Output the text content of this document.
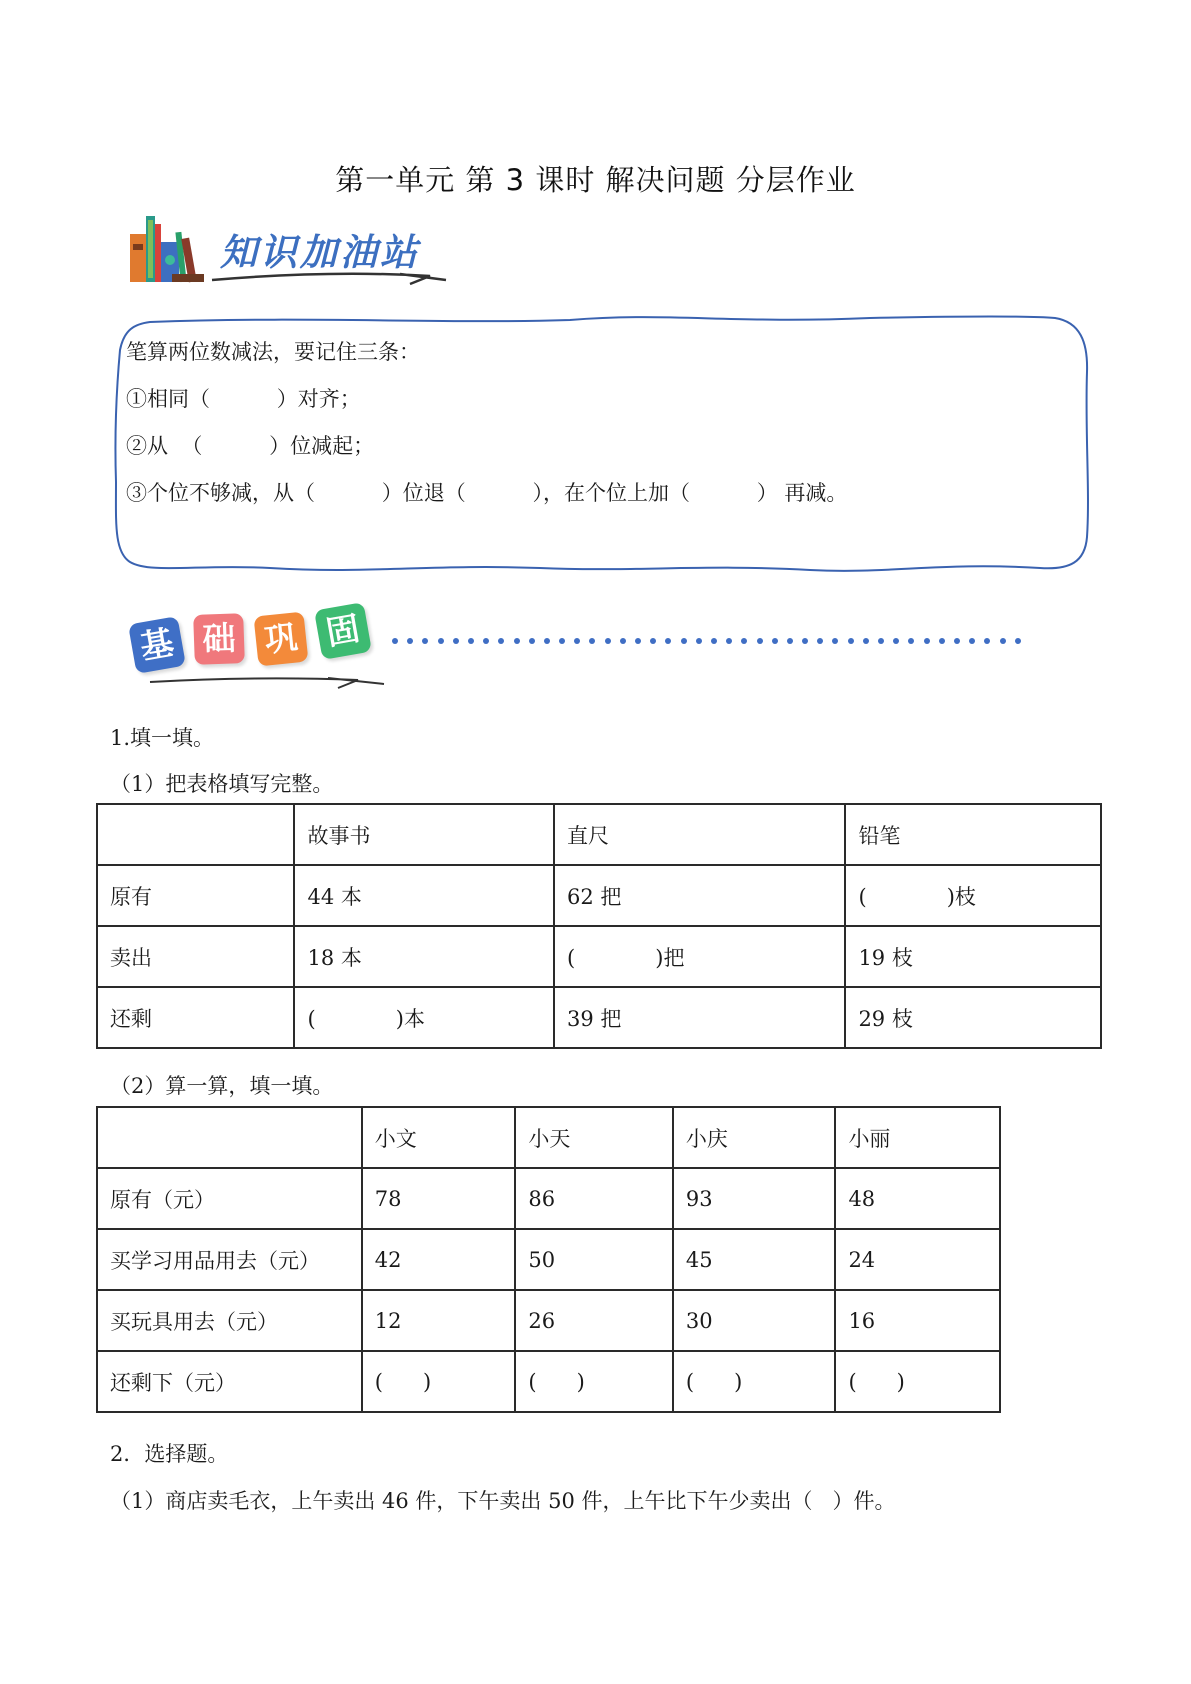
第一单元 第 3 课时 解决问题 分层作业
知识加油站
笔算两位数减法，要记住三条：
①相同（          ）对齐；
②从  （          ）位减起；
③个位不够减，从（          ）位退（          ），在个位上加（          ） 再减。
基 础 巩 固
1.填一填。
（1）把表格填写完整。
	故事书	直尺	铅笔
原有	44 本	62 把	(            )枝
卖出	18 本	(            )把	19 枝
还剩	(            )本	39 把	29 枝
（2）算一算，填一填。
	小文	小天	小庆	小丽
原有（元）	78	86	93	48
买学习用品用去（元）	42	50	45	24
买玩具用去（元）	12	26	30	16
还剩下（元）	(      )	(      )	(      )	(      )
2．选择题。
（1）商店卖毛衣，上午卖出 46 件，下午卖出 50 件，上午比下午少卖出（   ）件。
